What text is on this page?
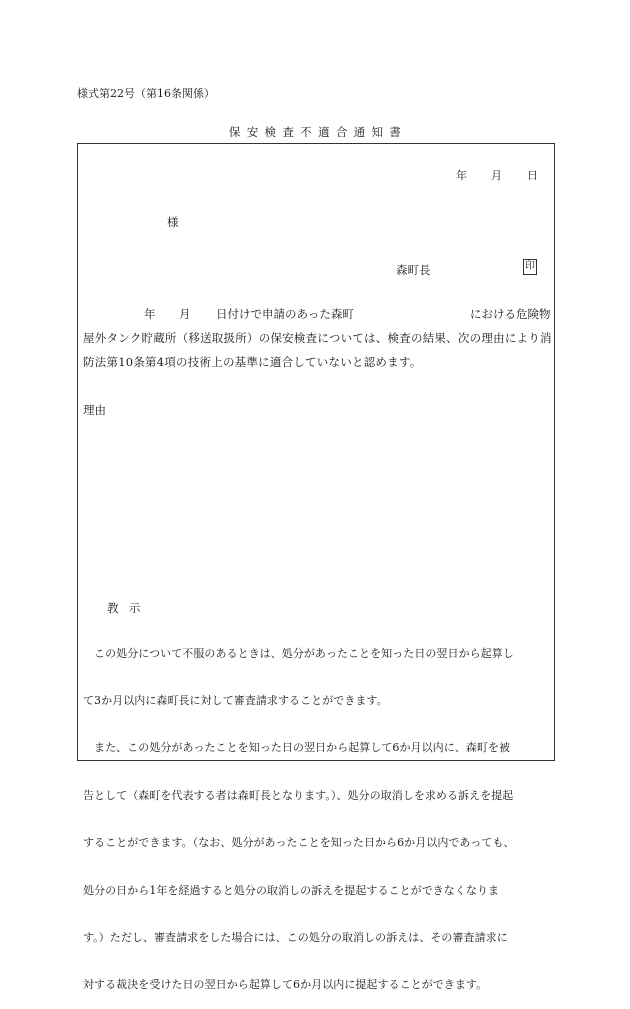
様式第22号（第16条関係）
保安検査不適合通知書
年 月 日
様
森町長	印
年 月 日付けで申請のあった森町	における危険物
屋外タンク貯蔵所（移送取扱所）の保安検査については、検査の結果、次の理由により消
防法第10条第4項の技術上の基準に適合していないと認めます。
理由
教示

　この処分について不服のあるときは、処分があったことを知った日の翌日から起算し

て3か月以内に森町長に対して審査請求することができます。

　また、この処分があったことを知った日の翌日から起算して6か月以内に、森町を被

告として（森町を代表する者は森町長となります。）、処分の取消しを求める訴えを提起

することができます。（なお、処分があったことを知った日から6か月以内であっても、

処分の日から1年を経過すると処分の取消しの訴えを提起することができなくなりま

す。）ただし、審査請求をした場合には、この処分の取消しの訴えは、その審査請求に

対する裁決を受けた日の翌日から起算して6か月以内に提起することができます。
